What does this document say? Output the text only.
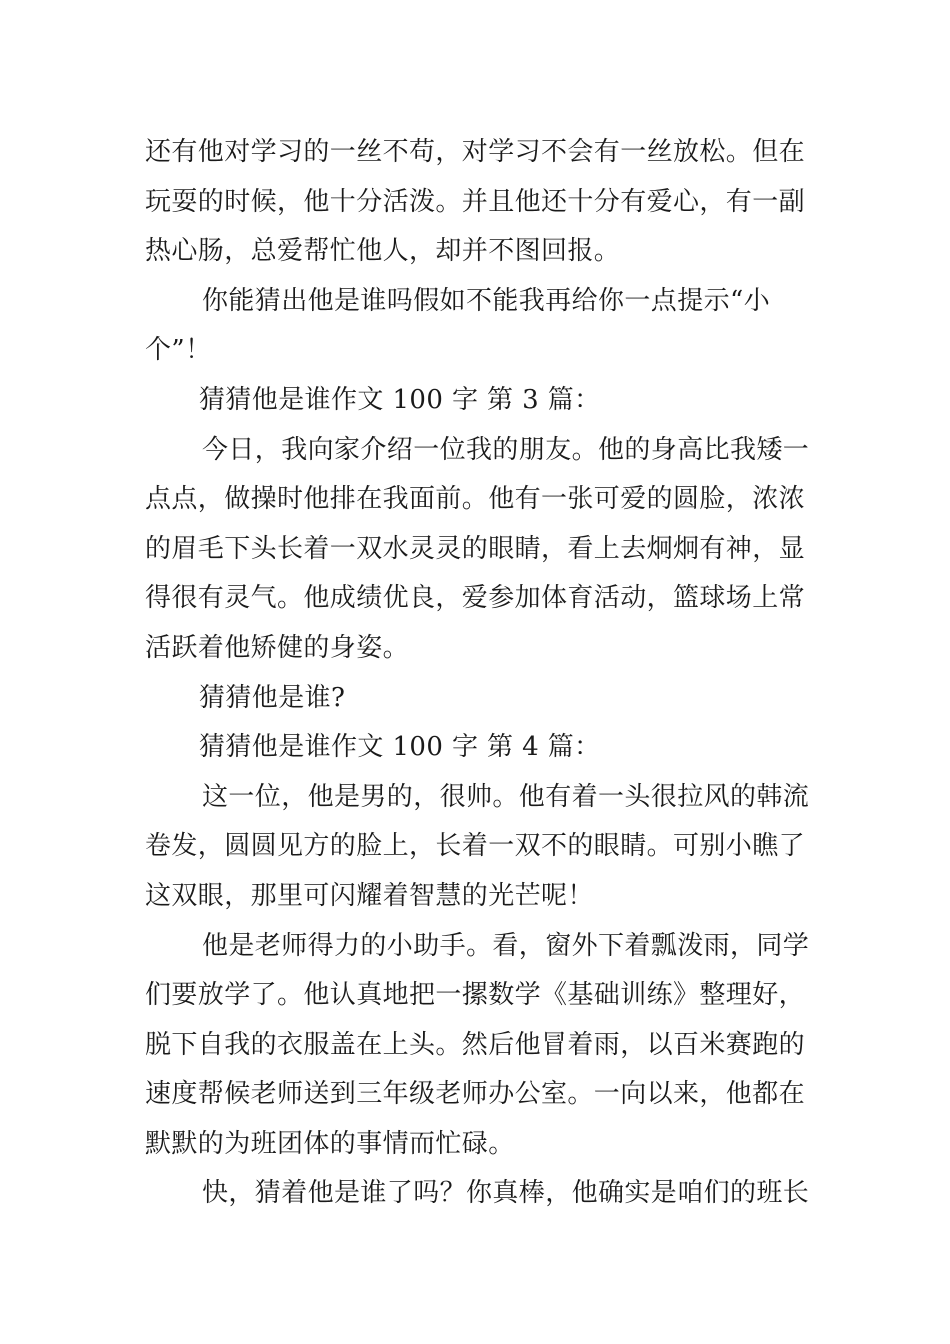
还有他对学习的一丝不苟，对学习不会有一丝放松。但在
玩耍的时候，他十分活泼。并且他还十分有爱心，有一副
热心肠，总爱帮忙他人，却并不图回报。
你能猜出他是谁吗假如不能我再给你一点提示“小
个”！
猜猜他是谁作文 100 字 第 3 篇：
今日，我向家介绍一位我的朋友。他的身高比我矮一
点点，做操时他排在我面前。他有一张可爱的圆脸，浓浓
的眉毛下头长着一双水灵灵的眼睛，看上去炯炯有神，显
得很有灵气。他成绩优良，爱参加体育活动，篮球场上常
活跃着他矫健的身姿。
猜猜他是谁?
猜猜他是谁作文 100 字 第 4 篇：
这一位，他是男的，很帅。他有着一头很拉风的韩流
卷发，圆圆见方的脸上，长着一双不的眼睛。可别小瞧了
这双眼，那里可闪耀着智慧的光芒呢！
他是老师得力的小助手。看，窗外下着瓢泼雨，同学
们要放学了。他认真地把一摞数学《基础训练》整理好，
脱下自我的衣服盖在上头。然后他冒着雨，以百米赛跑的
速度帮候老师送到三年级老师办公室。一向以来，他都在
默默的为班团体的事情而忙碌。
快，猜着他是谁了吗？你真棒，他确实是咱们的班长
